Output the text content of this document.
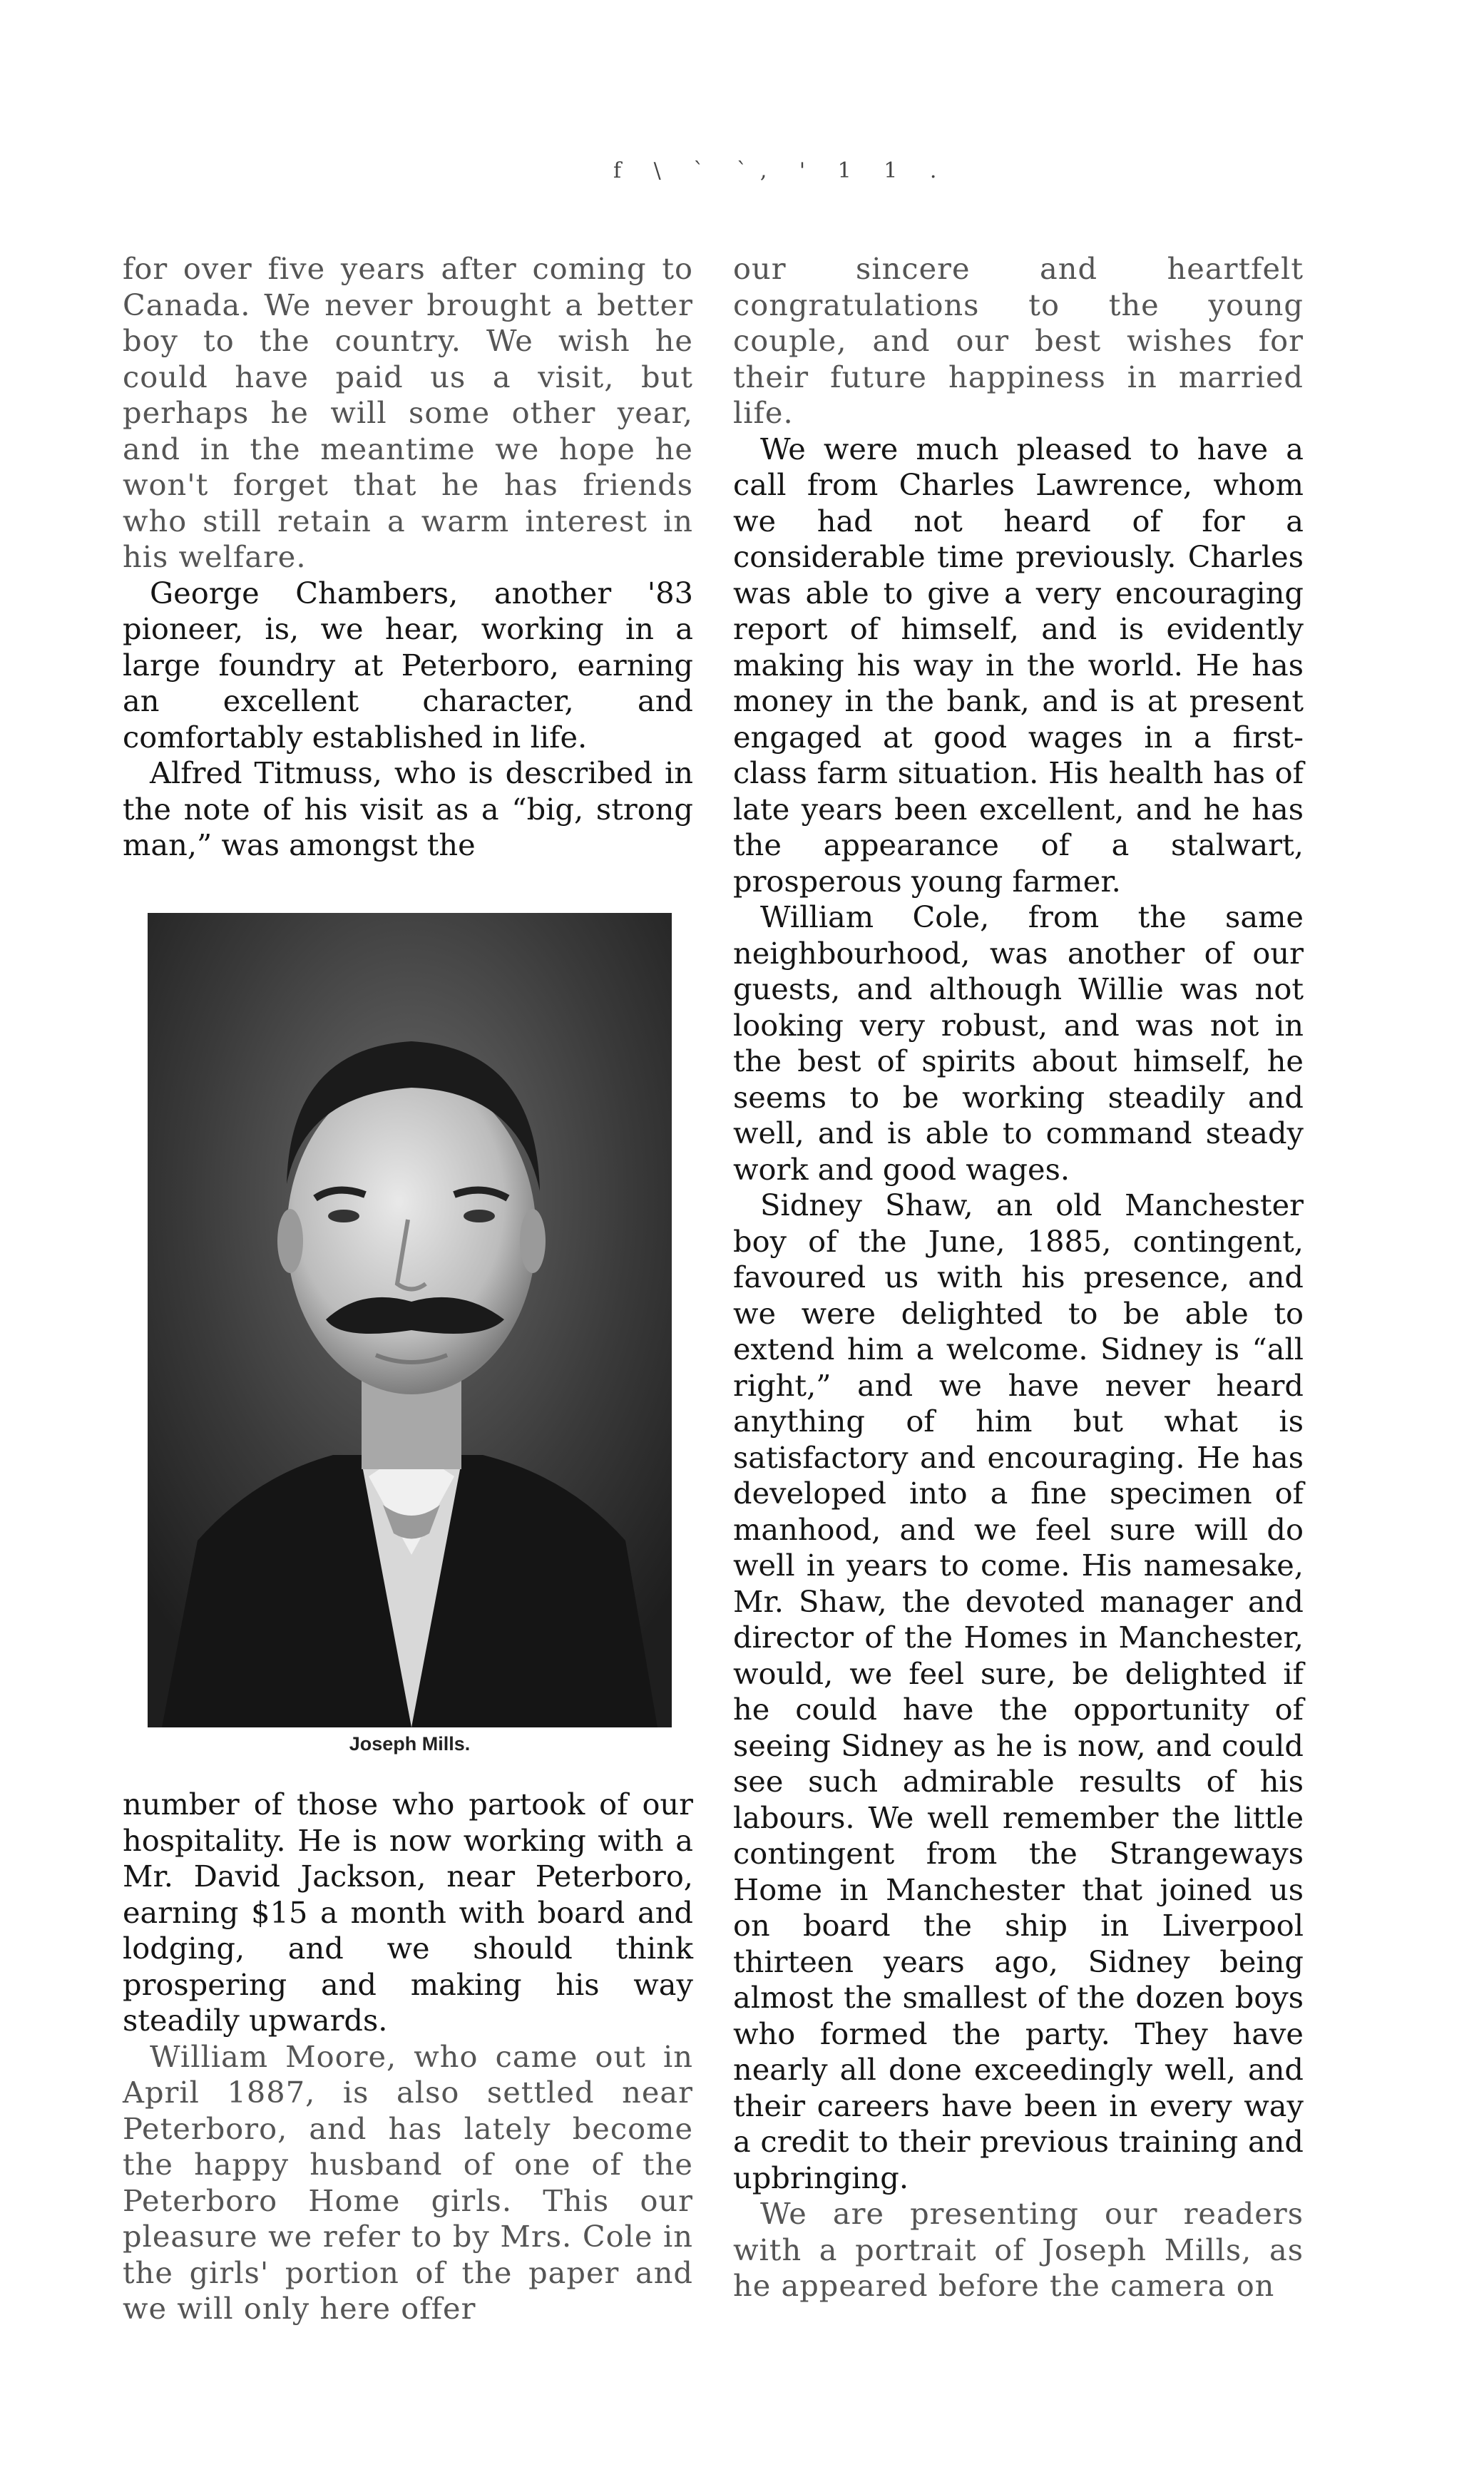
f \ ` `, ' 1 1 .

for over five years after coming to Canada. We never brought a better boy to the country. We wish he could have paid us a visit, but perhaps he will some other year, and in the meantime we hope he won't forget that he has friends who still retain a warm interest in his welfare.

George Chambers, another '83 pioneer, is, we hear, working in a large foundry at Peterboro, earning an excellent character, and comfortably established in life.

Alfred Titmuss, who is described in the note of his visit as a “big, strong man,” was amongst the

Joseph Mills.

number of those who partook of our hospitality. He is now working with a Mr. David Jackson, near Peterboro, earning $15 a month with board and lodging, and we should think prospering and making his way steadily upwards.

William Moore, who came out in April 1887, is also settled near Peterboro, and has lately become the happy husband of one of the Peterboro Home girls. This our pleasure we refer to by Mrs. Cole in the girls' portion of the paper and we will only here offer

our sincere and heartfelt congratulations to the young couple, and our best wishes for their future happiness in married life.

We were much pleased to have a call from Charles Lawrence, whom we had not heard of for a considerable time previously. Charles was able to give a very encouraging report of himself, and is evidently making his way in the world. He has money in the bank, and is at present engaged at good wages in a first-class farm situation. His health has of late years been excellent, and he has the appearance of a stalwart, prosperous young farmer.

William Cole, from the same neighbourhood, was another of our guests, and although Willie was not looking very robust, and was not in the best of spirits about himself, he seems to be working steadily and well, and is able to command steady work and good wages.

Sidney Shaw, an old Manchester boy of the June, 1885, contingent, favoured us with his presence, and we were delighted to be able to extend him a welcome. Sidney is “all right,” and we have never heard anything of him but what is satisfactory and encouraging. He has developed into a fine specimen of manhood, and we feel sure will do well in years to come. His namesake, Mr. Shaw, the devoted manager and director of the Homes in Manchester, would, we feel sure, be delighted if he could have the opportunity of seeing Sidney as he is now, and could see such admirable results of his labours. We well remember the little contingent from the Strangeways Home in Manchester that joined us on board the ship in Liverpool thirteen years ago, Sidney being almost the smallest of the dozen boys who formed the party. They have nearly all done exceedingly well, and their careers have been in every way a credit to their previous training and upbringing.

We are presenting our readers with a portrait of Joseph Mills, as he appeared before the camera on
